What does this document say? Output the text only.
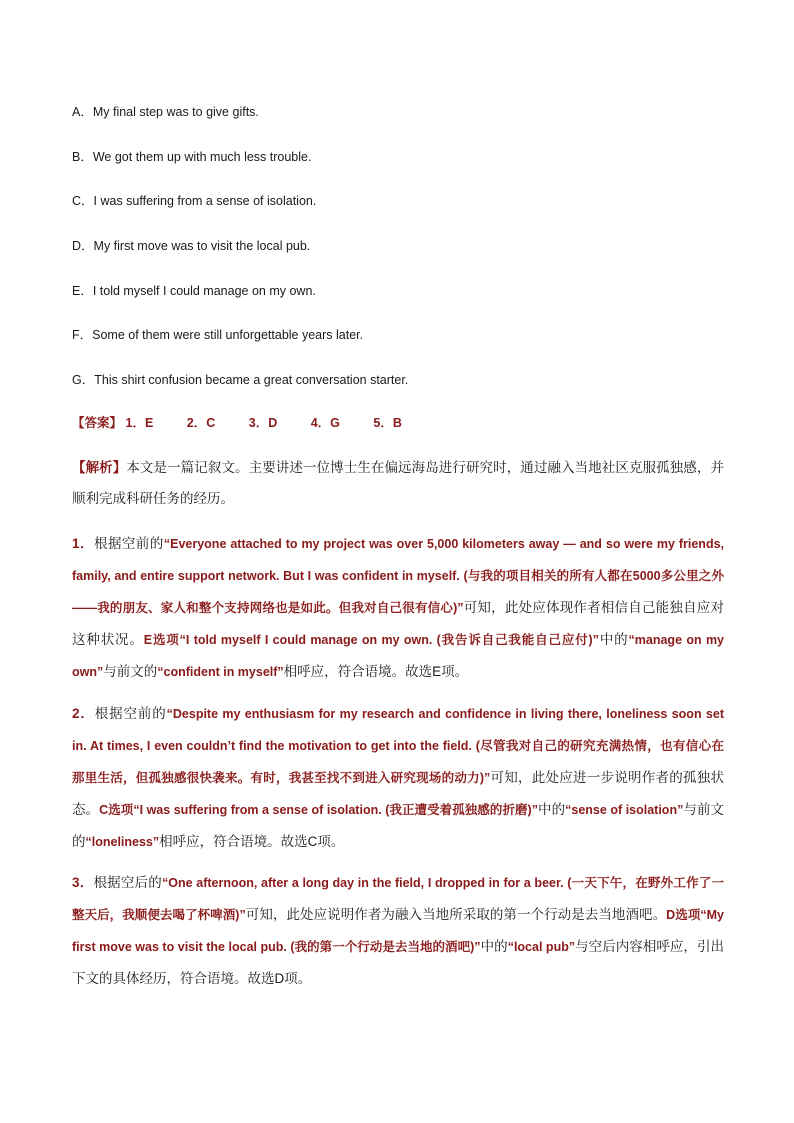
A．My final step was to give gifts.
B．We got them up with much less trouble.
C．I was suffering from a sense of isolation.
D．My first move was to visit the local pub.
E．I told myself I could manage on my own.
F．Some of them were still unforgettable years later.
G．This shirt confusion became a great conversation starter.
【答案】 1．E	2．C	3．D	4．G	5．B
【解析】本文是一篇记叙文。主要讲述一位博士生在偏远海岛进行研究时，通过融入当地社区克服孤独感，并顺利完成科研任务的经历。
1．根据空前的“Everyone attached to my project was over 5,000 kilometers away — and so were my friends, family, and entire support network. But I was confident in myself. (与我的项目相关的所有人都在5000多公里之外——我的朋友、家人和整个支持网络也是如此。但我对自己很有信心)”可知，此处应体现作者相信自己能独自应对这种状况。E选项“I told myself I could manage on my own. (我告诉自己我能自己应付)”中的“manage on my own”与前文的“confident in myself”相呼应，符合语境。故选E项。
2．根据空前的“Despite my enthusiasm for my research and confidence in living there, loneliness soon set in. At times, I even couldn’t find the motivation to get into the field. (尽管我对自己的研究充满热情，也有信心在那里生活，但孤独感很快袭来。有时，我甚至找不到进入研究现场的动力)”可知，此处应进一步说明作者的孤独状态。C选项“I was suffering from a sense of isolation. (我正遭受着孤独感的折磨)”中的“sense of isolation”与前文的“loneliness”相呼应，符合语境。故选C项。
3．根据空后的“One afternoon, after a long day in the field, I dropped in for a beer. (一天下午，在野外工作了一整天后，我顺便去喝了杯啤酒)”可知，此处应说明作者为融入当地所采取的第一个行动是去当地酒吧。D选项“My first move was to visit the local pub. (我的第一个行动是去当地的酒吧)”中的“local pub”与空后内容相呼应，引出下文的具体经历，符合语境。故选D项。
